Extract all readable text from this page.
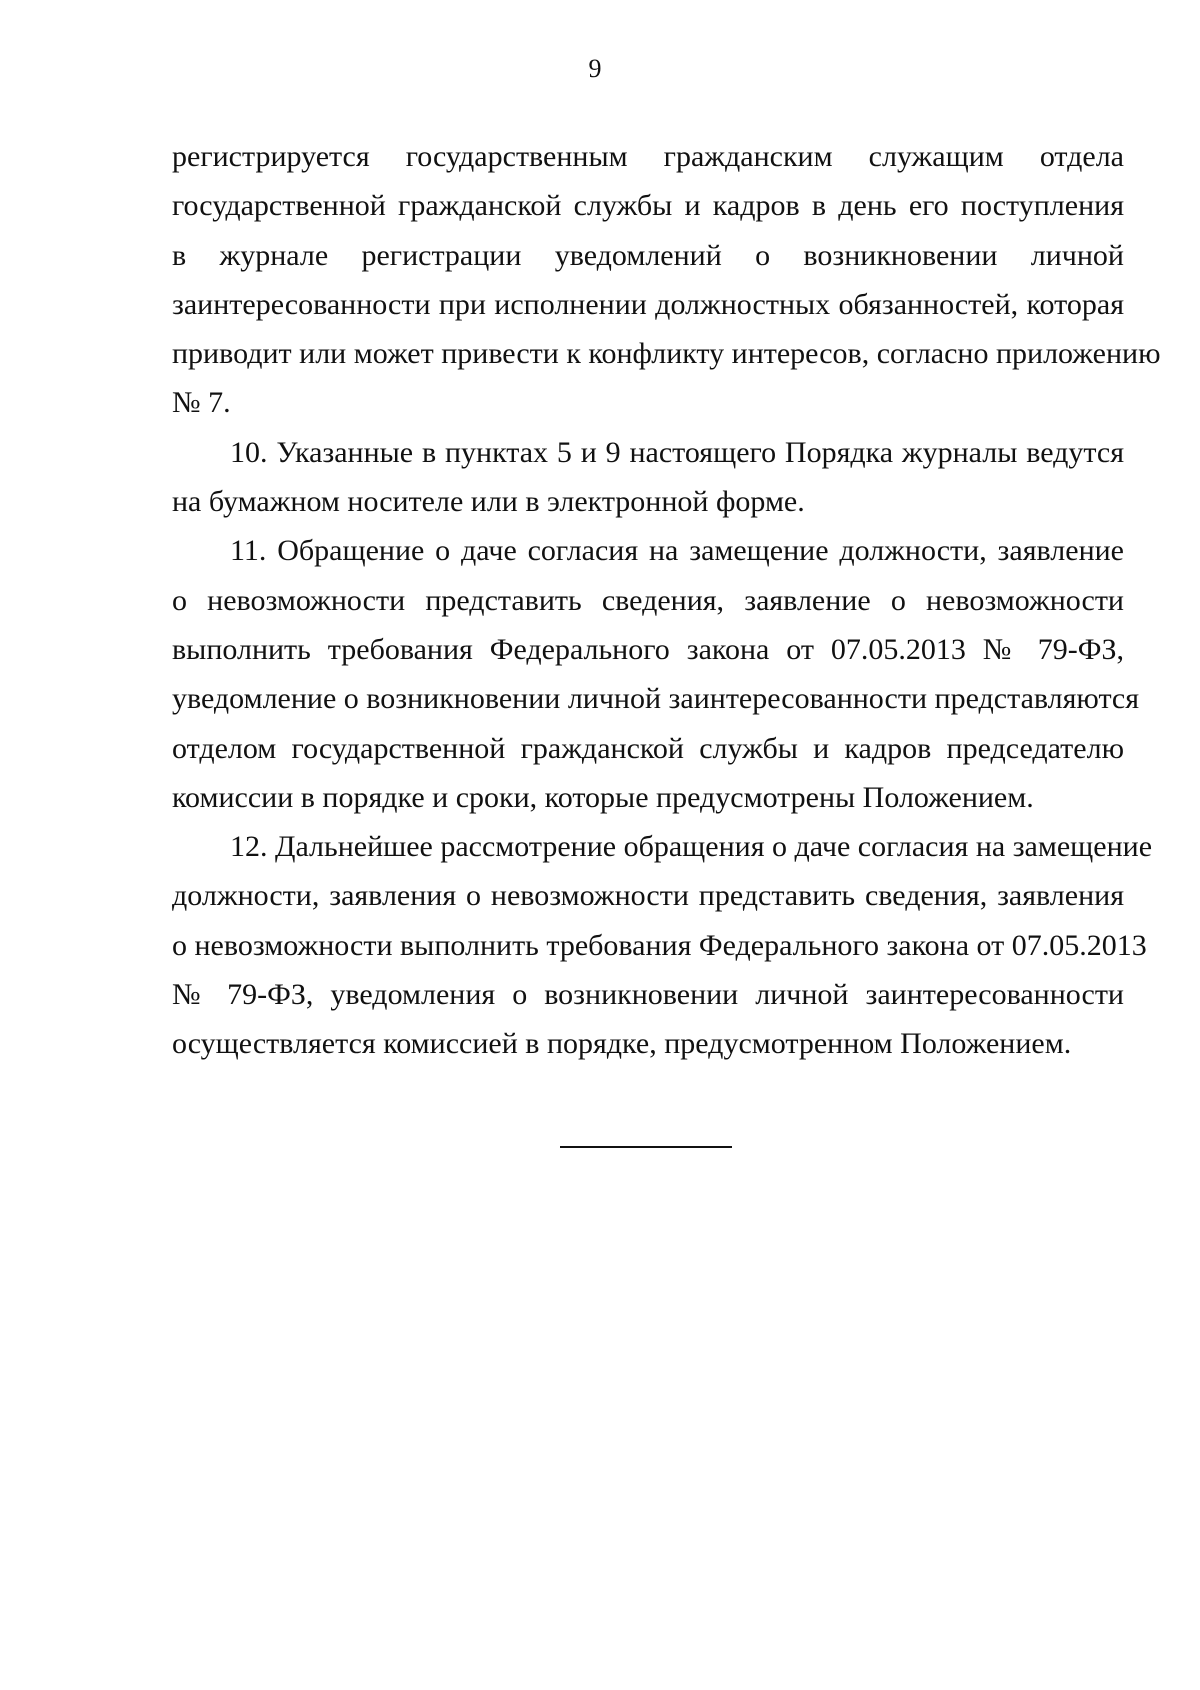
9
регистрируется государственным гражданским служащим отдела
государственной гражданской службы и кадров в день его поступления
в журнале регистрации уведомлений о возникновении личной
заинтересованности при исполнении должностных обязанностей, которая
приводит или может привести к конфликту интересов, согласно приложению
№ 7.
10. Указанные в пунктах 5 и 9 настоящего Порядка журналы ведутся
на бумажном носителе или в электронной форме.
11. Обращение о даче согласия на замещение должности, заявление
о невозможности представить сведения, заявление о невозможности
выполнить требования Федерального закона от 07.05.2013 № 79-ФЗ,
уведомление о возникновении личной заинтересованности представляются
отделом государственной гражданской службы и кадров председателю
комиссии в порядке и сроки, которые предусмотрены Положением.
12. Дальнейшее рассмотрение обращения о даче согласия на замещение
должности, заявления о невозможности представить сведения, заявления
о невозможности выполнить требования Федерального закона от 07.05.2013
№ 79-ФЗ, уведомления о возникновении личной заинтересованности
осуществляется комиссией в порядке, предусмотренном Положением.
